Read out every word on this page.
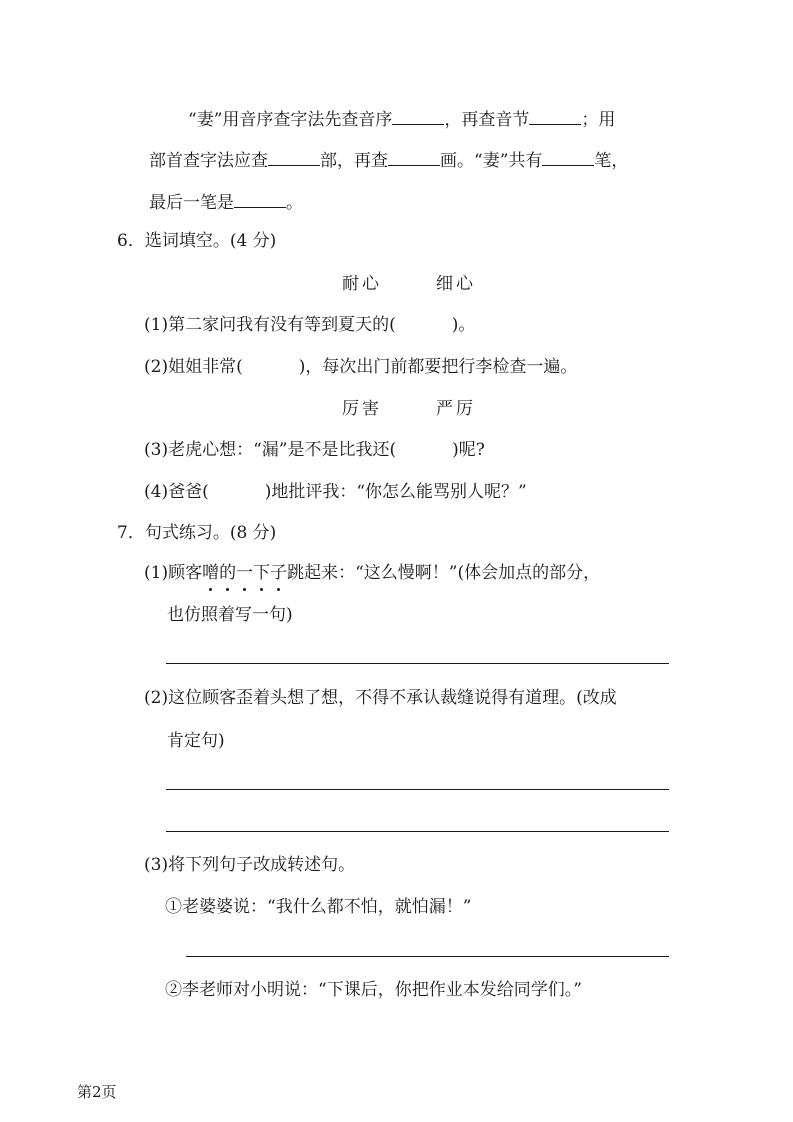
“妻”用音序查字法先查音序	，再查音节	；用
部首查字法应查	部，再查	画。“妻”共有	笔，
最后一笔是	。
6．选词填空。(4 分)
耐心	细心
(1)第二家问我有没有等到夏天的(	)。
(2)姐姐非常(	)，每次出门前都要把行李检查一遍。
厉害	严厉
(3)老虎心想：“漏”是不是比我还(	)呢?
(4)爸爸(	)地批评我：“你怎么能骂别人呢？”
7．句式练习。(8 分)
(1)顾客噌的一下子跳起来：“这么慢啊！”(体会加点的部分，
也仿照着写一句)
(2)这位顾客歪着头想了想，不得不承认裁缝说得有道理。(改成
肯定句)
(3)将下列句子改成转述句。
①老婆婆说：“我什么都不怕，就怕漏！”
②李老师对小明说：“下课后，你把作业本发给同学们。”
第2页
